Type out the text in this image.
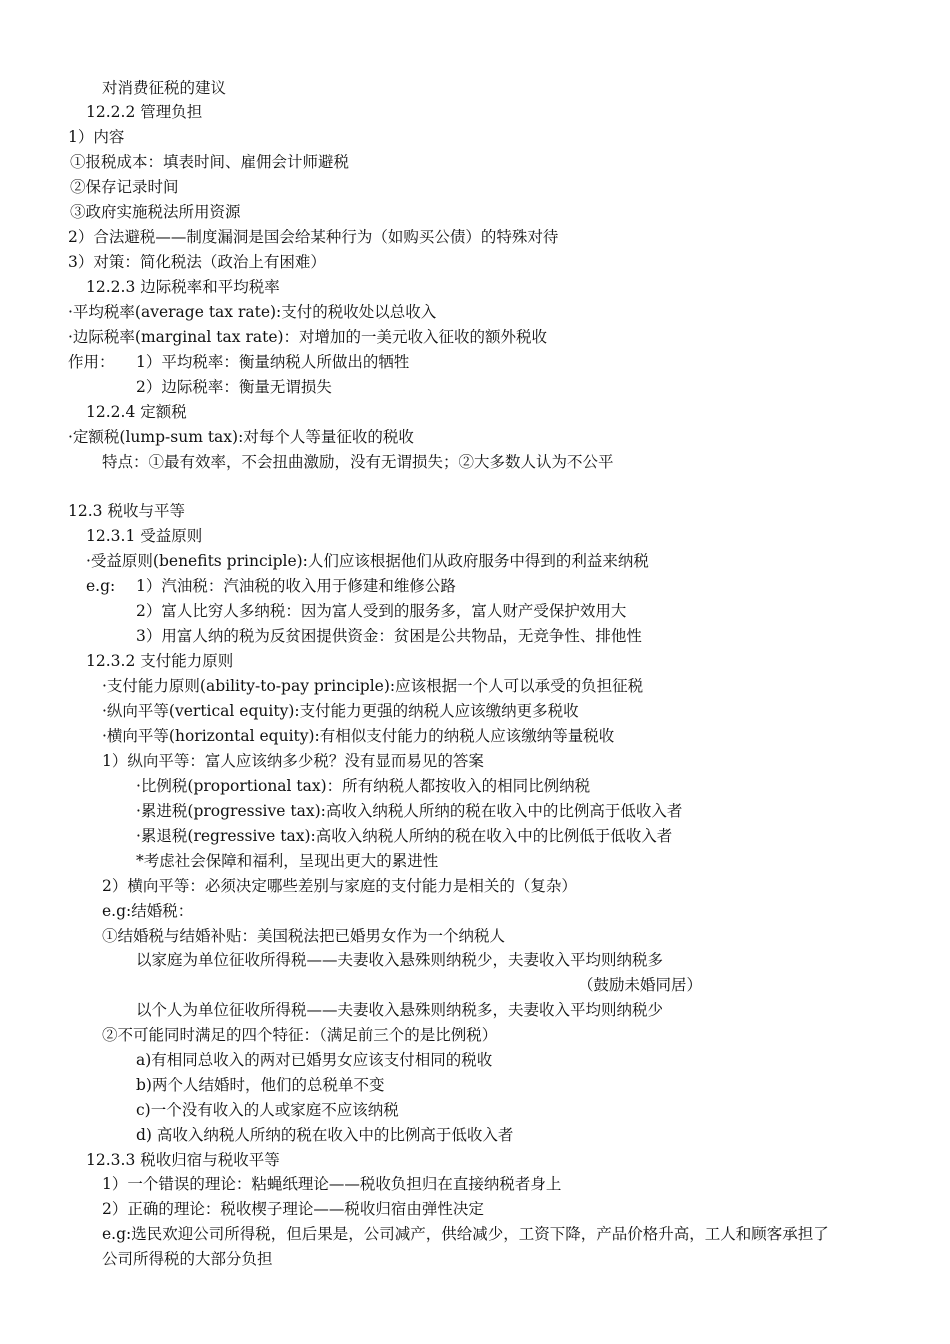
对消费征税的建议
12.2.2 管理负担
1）内容
①报税成本：填表时间、雇佣会计师避税
②保存记录时间
③政府实施税法所用资源
2）合法避税——制度漏洞是国会给某种行为（如购买公债）的特殊对待
3）对策：简化税法（政治上有困难）
12.2.3 边际税率和平均税率
·平均税率(average tax rate):支付的税收处以总收入
·边际税率(marginal tax rate)：对增加的一美元收入征收的额外税收
作用： 1）平均税率：衡量纳税人所做出的牺牲
2）边际税率：衡量无谓损失
12.2.4 定额税
·定额税(lump-sum tax):对每个人等量征收的税收
特点：①最有效率，不会扭曲激励，没有无谓损失；②大多数人认为不公平
12.3 税收与平等
12.3.1 受益原则
·受益原则(benefits principle):人们应该根据他们从政府服务中得到的利益来纳税
e.g: 1）汽油税：汽油税的收入用于修建和维修公路
2）富人比穷人多纳税：因为富人受到的服务多，富人财产受保护效用大
3）用富人纳的税为反贫困提供资金：贫困是公共物品，无竞争性、排他性
12.3.2 支付能力原则
·支付能力原则(ability-to-pay principle):应该根据一个人可以承受的负担征税
·纵向平等(vertical equity):支付能力更强的纳税人应该缴纳更多税收
·横向平等(horizontal equity):有相似支付能力的纳税人应该缴纳等量税收
1）纵向平等：富人应该纳多少税？没有显而易见的答案
·比例税(proportional tax)：所有纳税人都按收入的相同比例纳税
·累进税(progressive tax):高收入纳税人所纳的税在收入中的比例高于低收入者
·累退税(regressive tax):高收入纳税人所纳的税在收入中的比例低于低收入者
*考虑社会保障和福利，呈现出更大的累进性
2）横向平等：必须决定哪些差别与家庭的支付能力是相关的（复杂）
e.g:结婚税：
①结婚税与结婚补贴：美国税法把已婚男女作为一个纳税人
以家庭为单位征收所得税——夫妻收入悬殊则纳税少，夫妻收入平均则纳税多
（鼓励未婚同居）
以个人为单位征收所得税——夫妻收入悬殊则纳税多，夫妻收入平均则纳税少
②不可能同时满足的四个特征：（满足前三个的是比例税）
a)有相同总收入的两对已婚男女应该支付相同的税收
b)两个人结婚时，他们的总税单不变
c)一个没有收入的人或家庭不应该纳税
d) 高收入纳税人所纳的税在收入中的比例高于低收入者
12.3.3 税收归宿与税收平等
1）一个错误的理论：粘蝇纸理论——税收负担归在直接纳税者身上
2）正确的理论：税收楔子理论——税收归宿由弹性决定
e.g:选民欢迎公司所得税，但后果是，公司减产，供给减少，工资下降，产品价格升高，工人和顾客承担了
公司所得税的大部分负担
